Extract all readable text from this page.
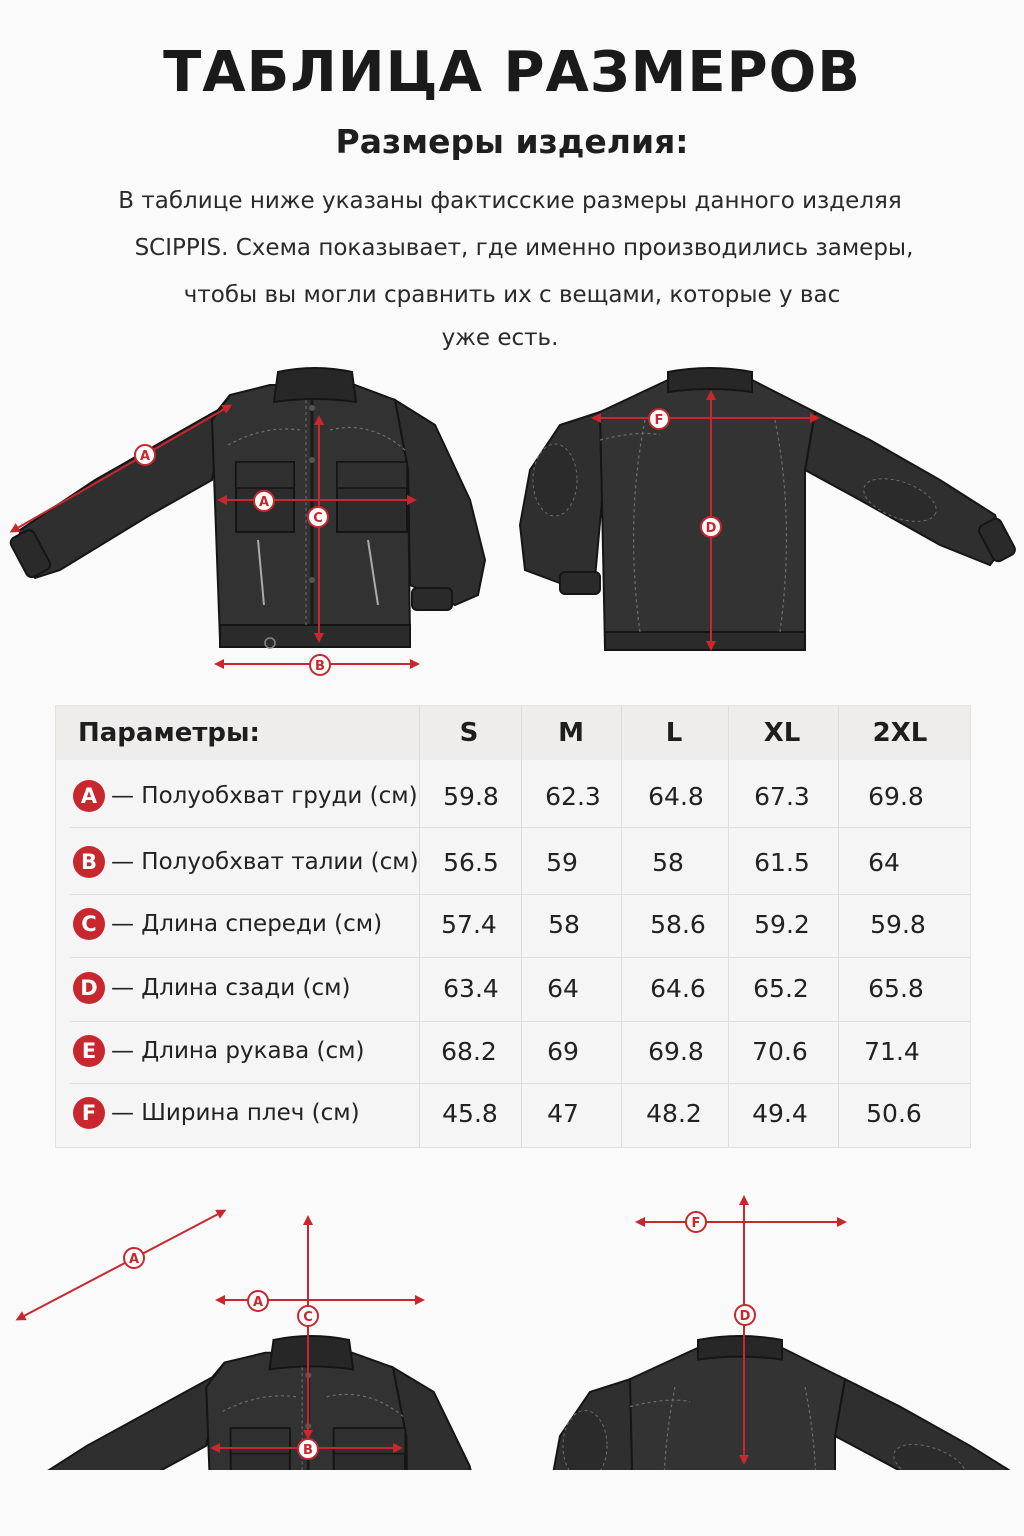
ТАБЛИЦА РАЗМЕРОВ
Размеры изделия:
В таблице ниже указаны фактисские размеры данного изделяя
SCIPPIS. Схема показывает, где именно производились замеры,
чтобы вы могли сравнить их с вещами, которые у вас
уже есть.
A
A
C
B
F
D
Параметры:	S	M	L	XL	2XL
A — Полуобхват груди (см)	59.8	62.3	64.8	67.3	69.8
B — Полуобхват талии (см) 56.5	59	58	61.5	64
C — Длина спереди (см)	57.4	58	58.6	59.2	59.8
D — Длина сзади (см)	63.4	64	64.6	65.2	65.8
E — Длина рукава (см)	68.2	69	69.8	70.6	71.4
F — Ширина плеч (см)	45.8	47	48.2	49.4	50.6
A
A
C
B
F
D
